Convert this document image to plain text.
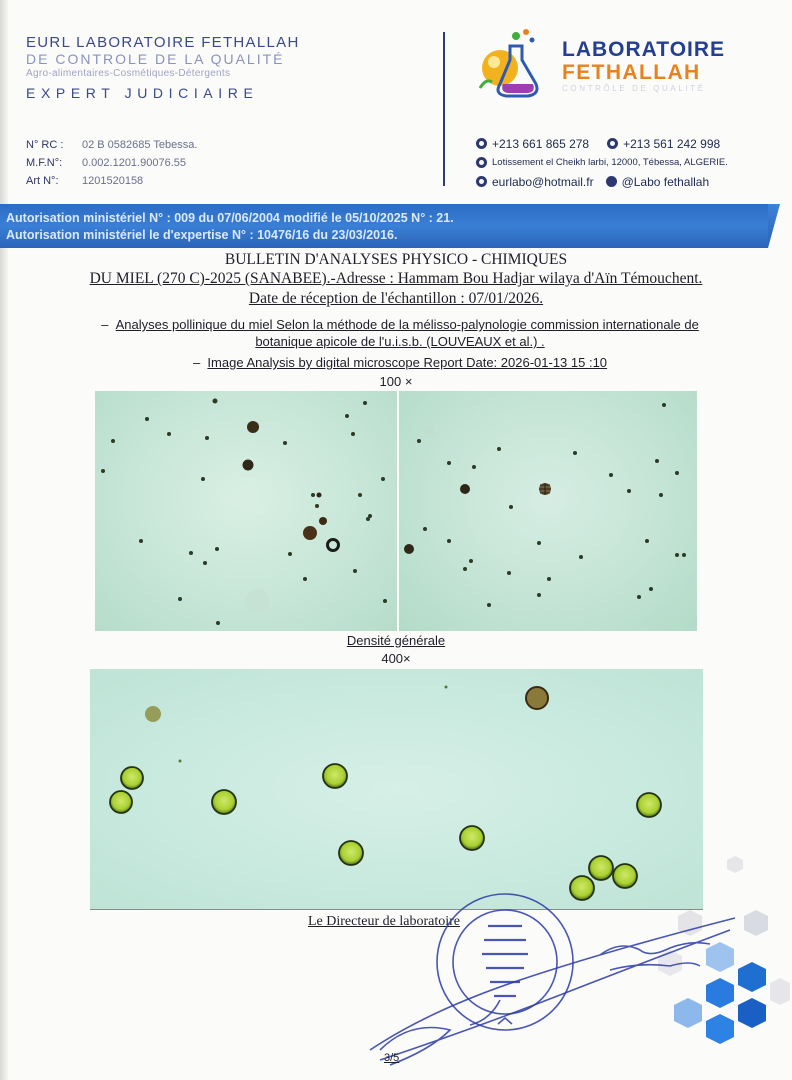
EURL LABORATOIRE FETHALLAH
DE CONTROLE DE LA QUALITÉ
Agro-alimentaires-Cosmétiques-Détergents
EXPERT JUDICIAIRE
N° RC :	02 B 0582685 Tebessa.
M.F.N°:	0.002.1201.90076.55
Art N°:	1201520158
LABORATOIRE
FETHALLAH
CONTRÔLE DE QUALITÉ
+213 661 865 278	+213 561 242 998
Lotissement el Cheikh larbi, 12000, Tébessa, ALGERIE.
eurlabo@hotmail.fr @Labo fethallah
Autorisation ministériel N° : 009 du 07/06/2004 modifié le 05/10/2025 N° : 21.
Autorisation ministériel le d'expertise N° : 10476/16 du 23/03/2016.
BULLETIN D'ANALYSES PHYSICO - CHIMIQUES
DU MIEL (270 C)-2025 (SANABEE).-Adresse : Hammam Bou Hadjar wilaya d'Aïn Témouchent.
Date de réception de l'échantillon : 07/01/2026.
–  Analyses pollinique du miel Selon la méthode de la mélisso-palynologie commission internationale de
botanique apicole de l'u.i.s.b. (LOUVEAUX et al.) .
–  Image Analysis by digital microscope Report Date: 2026-01-13 15 :10
100 ×
Densité générale
400×
Le Directeur de laboratoire
3/5
